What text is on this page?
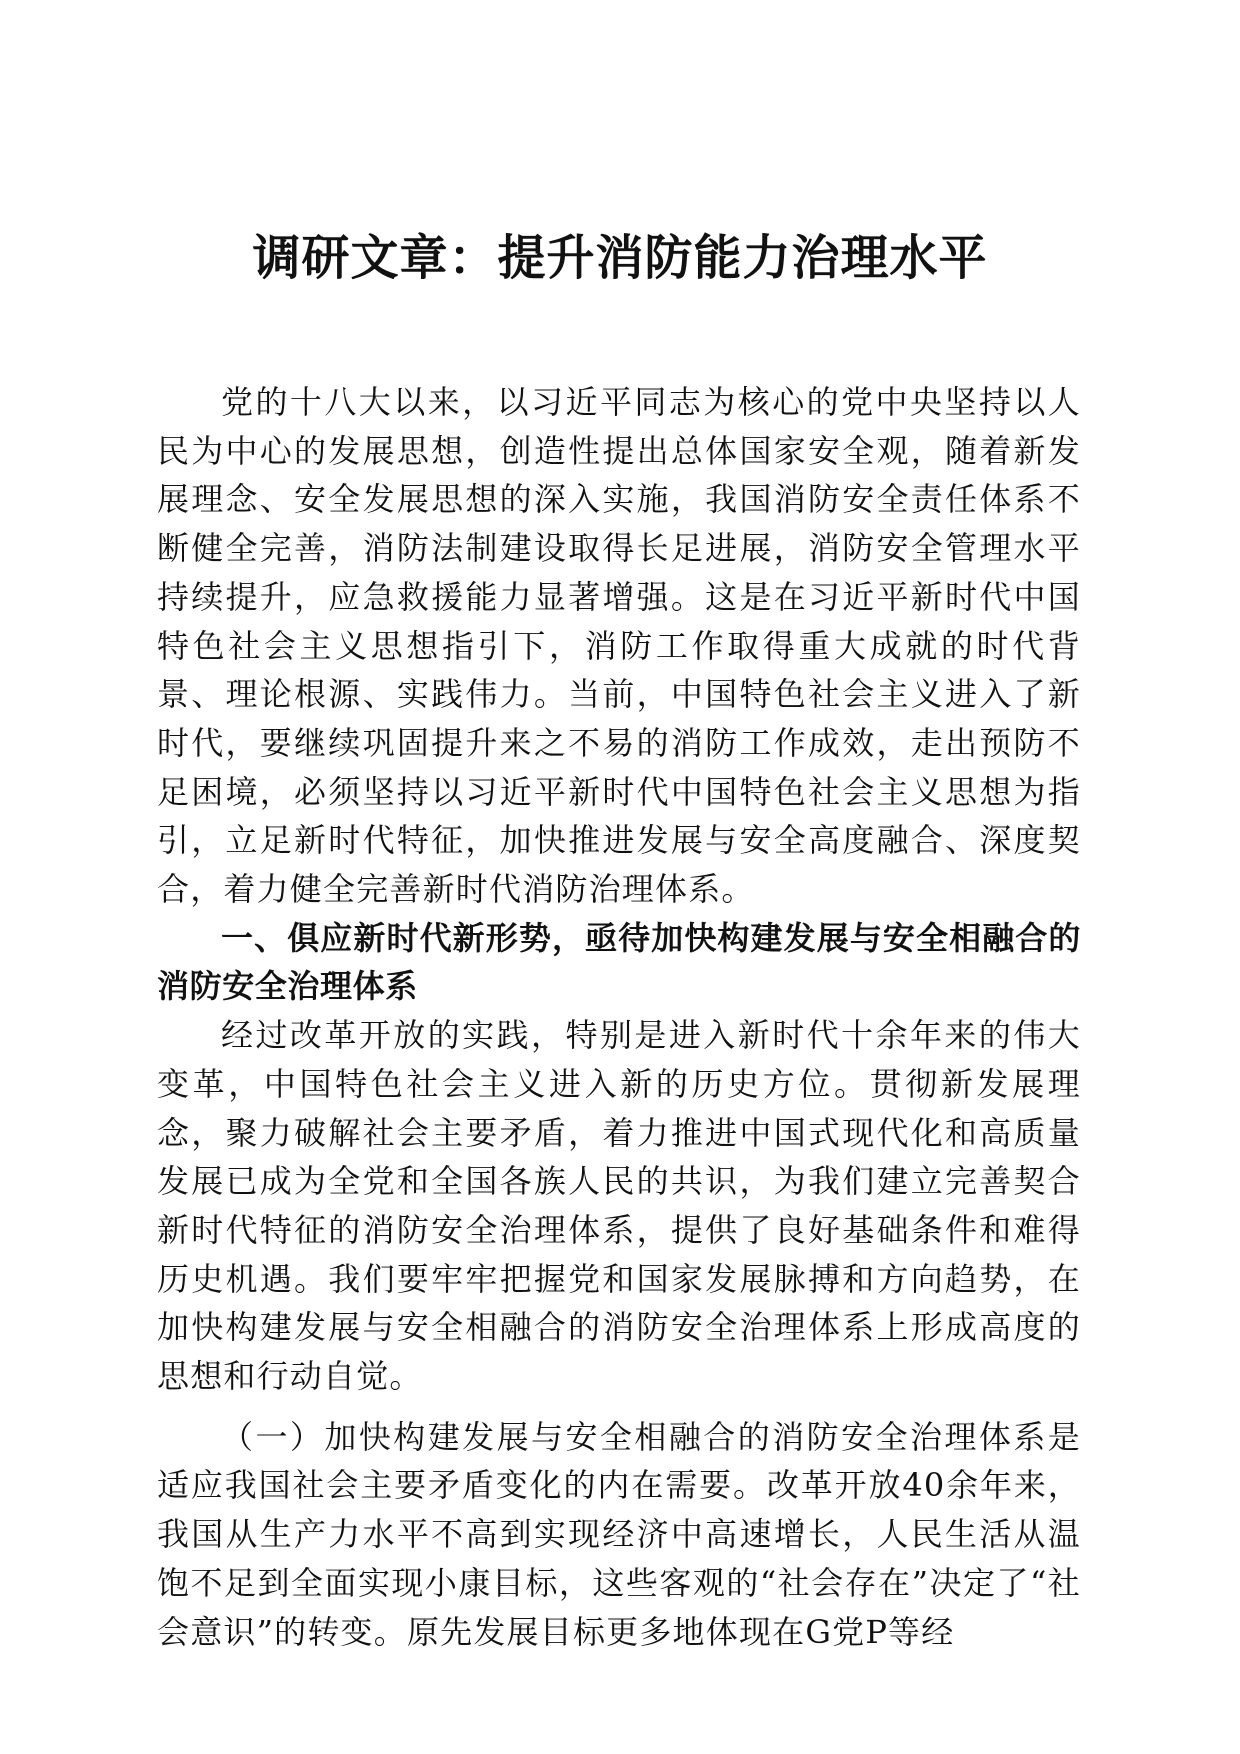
调研文章：提升消防能力治理水平

党的十八大以来，以习近平同志为核心的党中央坚持以人民为中心的发展思想，创造性提出总体国家安全观，随着新发展理念、安全发展思想的深入实施，我国消防安全责任体系不断健全完善，消防法制建设取得长足进展，消防安全管理水平持续提升，应急救援能力显著增强。这是在习近平新时代中国特色社会主义思想指引下，消防工作取得重大成就的时代背景、理论根源、实践伟力。当前，中国特色社会主义进入了新时代，要继续巩固提升来之不易的消防工作成效，走出预防不足困境，必须坚持以习近平新时代中国特色社会主义思想为指引，立足新时代特征，加快推进发展与安全高度融合、深度契合，着力健全完善新时代消防治理体系。

一、俱应新时代新形势，亟待加快构建发展与安全相融合的消防安全治理体系

经过改革开放的实践，特别是进入新时代十余年来的伟大变革，中国特色社会主义进入新的历史方位。贯彻新发展理念，聚力破解社会主要矛盾，着力推进中国式现代化和高质量发展已成为全党和全国各族人民的共识，为我们建立完善契合新时代特征的消防安全治理体系，提供了良好基础条件和难得历史机遇。我们要牢牢把握党和国家发展脉搏和方向趋势，在加快构建发展与安全相融合的消防安全治理体系上形成高度的思想和行动自觉。

（一）加快构建发展与安全相融合的消防安全治理体系是适应我国社会主要矛盾变化的内在需要。改革开放40余年来，我国从生产力水平不高到实现经济中高速增长，人民生活从温饱不足到全面实现小康目标，这些客观的“社会存在”决定了“社会意识”的转变。原先发展目标更多地体现在G党P等经
